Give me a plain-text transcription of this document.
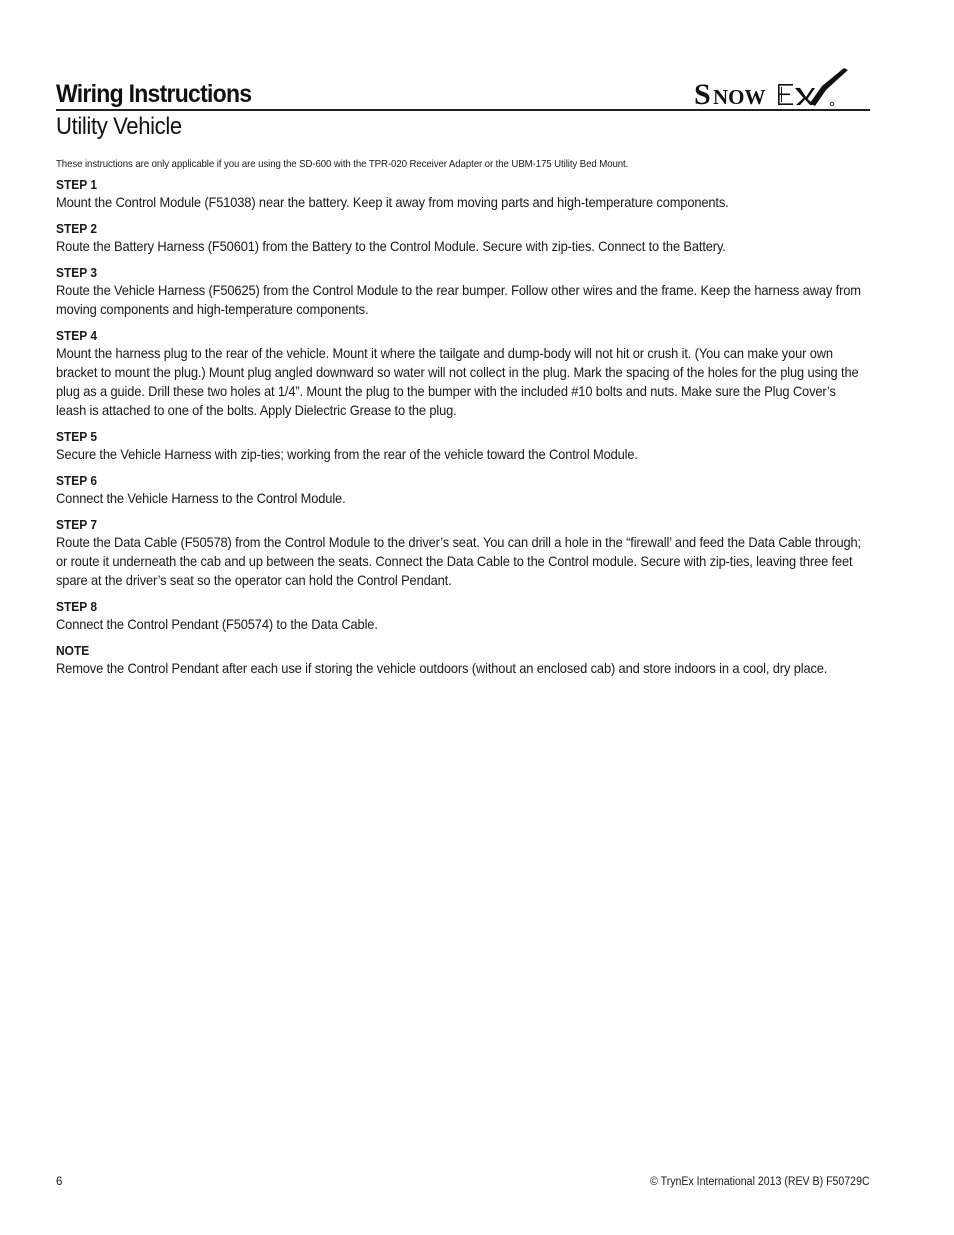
Wiring Instructions
Utility Vehicle
S NOW

These instructions are only applicable if you are using the SD-600 with the TPR-020 Receiver Adapter or the UBM-175 Utility Bed Mount.

STEP 1

Mount the Control Module (F51038) near the battery. Keep it away from moving parts and high-temperature components.

STEP 2

Route the Battery Harness (F50601) from the Battery to the Control Module. Secure with zip-ties. Connect to the Battery.

STEP 3

Route the Vehicle Harness (F50625) from the Control Module to the rear bumper. Follow other wires and the frame. Keep the harness away from moving components and high-temperature components.

STEP 4

Mount the harness plug to the rear of the vehicle. Mount it where the tailgate and dump-body will not hit or crush it. (You can make your own bracket to mount the plug.) Mount plug angled downward so water will not collect in the plug. Mark the spacing of the holes for the plug using the plug as a guide. Drill these two holes at 1/4”. Mount the plug to the bumper with the included #10 bolts and nuts. Make sure the Plug Cover’s leash is attached to one of the bolts. Apply Dielectric Grease to the plug.

STEP 5

Secure the Vehicle Harness with zip-ties; working from the rear of the vehicle toward the Control Module.

STEP 6

Connect the Vehicle Harness to the Control Module.

STEP 7

Route the Data Cable (F50578) from the Control Module to the driver’s seat. You can drill a hole in the “firewall’ and feed the Data Cable through; or route it underneath the cab and up between the seats. Connect the Data Cable to the Control module. Secure with zip-ties, leaving three feet spare at the driver’s seat so the operator can hold the Control Pendant.

STEP 8

Connect the Control Pendant (F50574) to the Data Cable.

NOTE

Remove the Control Pendant after each use if storing the vehicle outdoors (without an enclosed cab) and store indoors in a cool, dry place.

6	© TrynEx International 2013 (REV B) F50729C
